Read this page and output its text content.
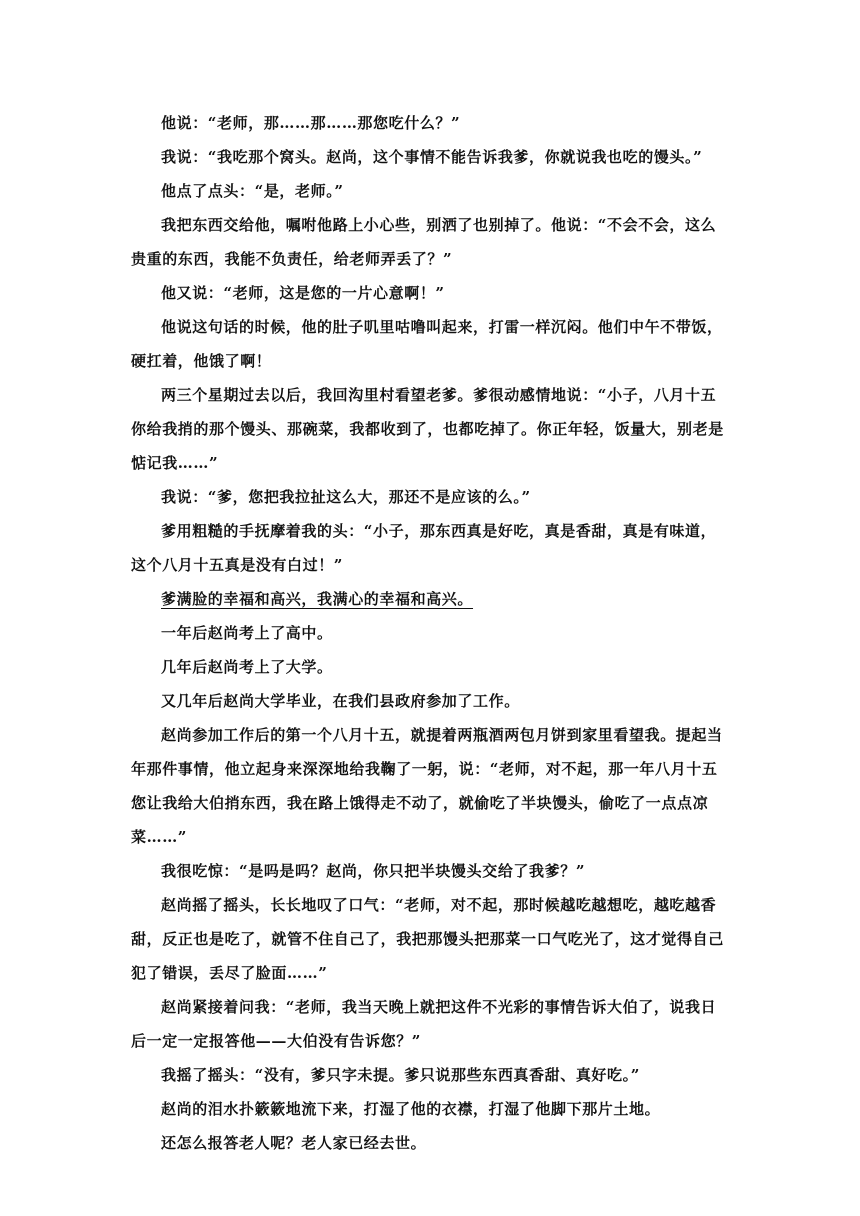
他说：“老师，那……那……那您吃什么？”

我说：“我吃那个窝头。赵尚，这个事情不能告诉我爹，你就说我也吃的馒头。”

他点了点头：“是，老师。”

我把东西交给他，嘱咐他路上小心些，别洒了也别掉了。他说：“不会不会，这么贵重的东西，我能不负责任，给老师弄丢了？”

他又说：“老师，这是您的一片心意啊！”

他说这句话的时候，他的肚子叽里咕噜叫起来，打雷一样沉闷。他们中午不带饭，硬扛着，他饿了啊！

两三个星期过去以后，我回沟里村看望老爹。爹很动感情地说：“小子，八月十五你给我捎的那个馒头、那碗菜，我都收到了，也都吃掉了。你正年轻，饭量大，别老是惦记我……”

我说：“爹，您把我拉扯这么大，那还不是应该的么。”

爹用粗糙的手抚摩着我的头：“小子，那东西真是好吃，真是香甜，真是有味道，这个八月十五真是没有白过！”

爹满脸的幸福和高兴，我满心的幸福和高兴。

一年后赵尚考上了高中。

几年后赵尚考上了大学。

又几年后赵尚大学毕业，在我们县政府参加了工作。

赵尚参加工作后的第一个八月十五，就提着两瓶酒两包月饼到家里看望我。提起当年那件事情，他立起身来深深地给我鞠了一躬，说：“老师，对不起，那一年八月十五您让我给大伯捎东西，我在路上饿得走不动了，就偷吃了半块馒头，偷吃了一点点凉菜……”

我很吃惊：“是吗是吗？赵尚，你只把半块馒头交给了我爹？”

赵尚摇了摇头，长长地叹了口气：“老师，对不起，那时候越吃越想吃，越吃越香甜，反正也是吃了，就管不住自己了，我把那馒头把那菜一口气吃光了，这才觉得自己犯了错误，丢尽了脸面……”

赵尚紧接着问我：“老师，我当天晚上就把这件不光彩的事情告诉大伯了，说我日后一定一定报答他——大伯没有告诉您？”

我摇了摇头：“没有，爹只字未提。爹只说那些东西真香甜、真好吃。”

赵尚的泪水扑簌簌地流下来，打湿了他的衣襟，打湿了他脚下那片土地。

还怎么报答老人呢？老人家已经去世。
